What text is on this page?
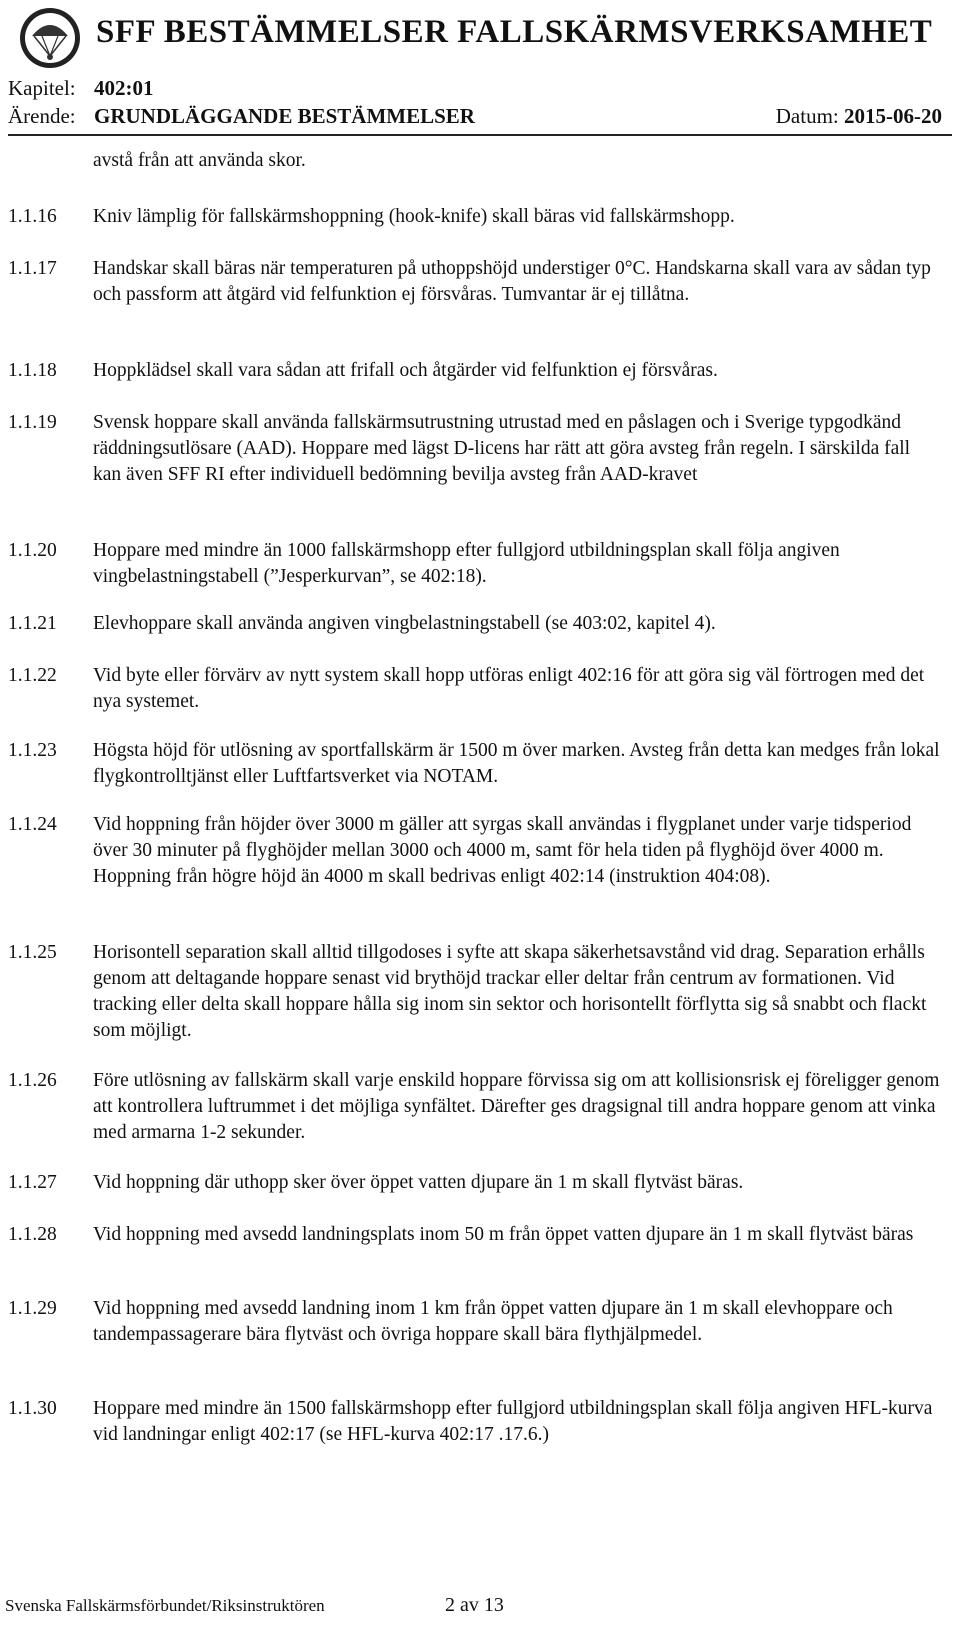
SFF BESTÄMMELSER FALLSKÄRMSVERKSAMHET
Kapitel: 402:01
Ärende: GRUNDLÄGGANDE BESTÄMMELSER	Datum: 2015-06-20
avstå från att använda skor.
1.1.16	Kniv lämplig för fallskärmshoppning (hook-knife) skall bäras vid fallskärmshopp.
1.1.17	Handskar skall bäras när temperaturen på uthoppshöjd understiger 0°C. Handskarna skall vara av sådan typ och passform att åtgärd vid felfunktion ej försvåras. Tumvantar är ej tillåtna.
1.1.18	Hoppklädsel skall vara sådan att frifall och åtgärder vid felfunktion ej försvåras.
1.1.19	Svensk hoppare skall använda fallskärmsutrustning utrustad med en påslagen och i Sverige typgodkänd räddningsutlösare (AAD). Hoppare med lägst D-licens har rätt att göra avsteg från regeln. I särskilda fall kan även SFF RI efter individuell bedömning bevilja avsteg från AAD-kravet
1.1.20	Hoppare med mindre än 1000 fallskärmshopp efter fullgjord utbildningsplan skall följa angiven vingbelastningstabell (”Jesperkurvan”, se 402:18).
1.1.21	Elevhoppare skall använda angiven vingbelastningstabell (se 403:02, kapitel 4).
1.1.22	Vid byte eller förvärv av nytt system skall hopp utföras enligt 402:16 för att göra sig väl förtrogen med det nya systemet.
1.1.23	Högsta höjd för utlösning av sportfallskärm är 1500 m över marken. Avsteg från detta kan medges från lokal flygkontrolltjänst eller Luftfartsverket via NOTAM.
1.1.24	Vid hoppning från höjder över 3000 m gäller att syrgas skall användas i flygplanet under varje tidsperiod över 30 minuter på flyghöjder mellan 3000 och 4000 m, samt för hela tiden på flyghöjd över 4000 m. Hoppning från högre höjd än 4000 m skall bedrivas enligt 402:14 (instruktion 404:08).
1.1.25	Horisontell separation skall alltid tillgodoses i syfte att skapa säkerhetsavstånd vid drag. Separation erhålls genom att deltagande hoppare senast vid brythöjd trackar eller deltar från centrum av formationen. Vid tracking eller delta skall hoppare hålla sig inom sin sektor och horisontellt förflytta sig så snabbt och flackt som möjligt.
1.1.26	Före utlösning av fallskärm skall varje enskild hoppare förvissa sig om att kollisionsrisk ej föreligger genom att kontrollera luftrummet i det möjliga synfältet. Därefter ges dragsignal till andra hoppare genom att vinka med armarna 1-2 sekunder.
1.1.27	Vid hoppning där uthopp sker över öppet vatten djupare än 1 m skall flytväst bäras.
1.1.28	Vid hoppning med avsedd landningsplats inom 50 m från öppet vatten djupare än 1 m skall flytväst bäras
1.1.29	Vid hoppning med avsedd landning inom 1 km från öppet vatten djupare än 1 m skall elevhoppare och tandempassagerare bära flytväst och övriga hoppare skall bära flythjälpmedel.
1.1.30	Hoppare med mindre än 1500 fallskärmshopp efter fullgjord utbildningsplan skall följa angiven HFL-kurva vid landningar enligt 402:17 (se HFL-kurva 402:17 .17.6.)
Svenska Fallskärmsförbundet/Riksinstruktören	2 av 13
